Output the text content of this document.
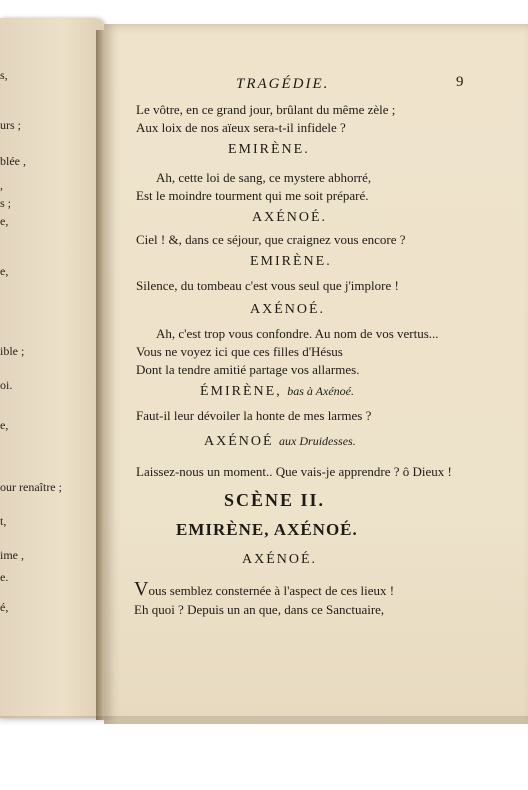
s,
urs ;
blée ,
,
s ;
e,
e,
ible ;
oi.
e,
our renaître ;
t,
ime ,
e.
é,
TRAGÉDIE.	9
Le vôtre, en ce grand jour, brûlant du même zèle ;
Aux loix de nos aïeux sera-t-il infidele ?
EMIRÈNE.
Ah, cette loi de sang, ce mystere abhorré,
Est le moindre tourment qui me soit préparé.
AXÉNOÉ.
Ciel ! &, dans ce séjour, que craignez vous encore ?
EMIRÈNE.
Silence, du tombeau c'est vous seul que j'implore !
AXÉNOÉ.
Ah, c'est trop vous confondre. Au nom de vos vertus...
Vous ne voyez ici que ces filles d'Hésus
Dont la tendre amitié partage vos allarmes.
ÉMIRÈNE, bas à Axénoé.
Faut-il leur dévoiler la honte de mes larmes ?
AXÉNOÉ aux Druidesses.
Laissez-nous un moment.. Que vais-je apprendre ? ô Dieux !
SCÈNE II.
EMIRÈNE, AXÉNOÉ.
AXÉNOÉ.
Vous semblez consternée à l'aspect de ces lieux !
Eh quoi ? Depuis un an que, dans ce Sanctuaire,
